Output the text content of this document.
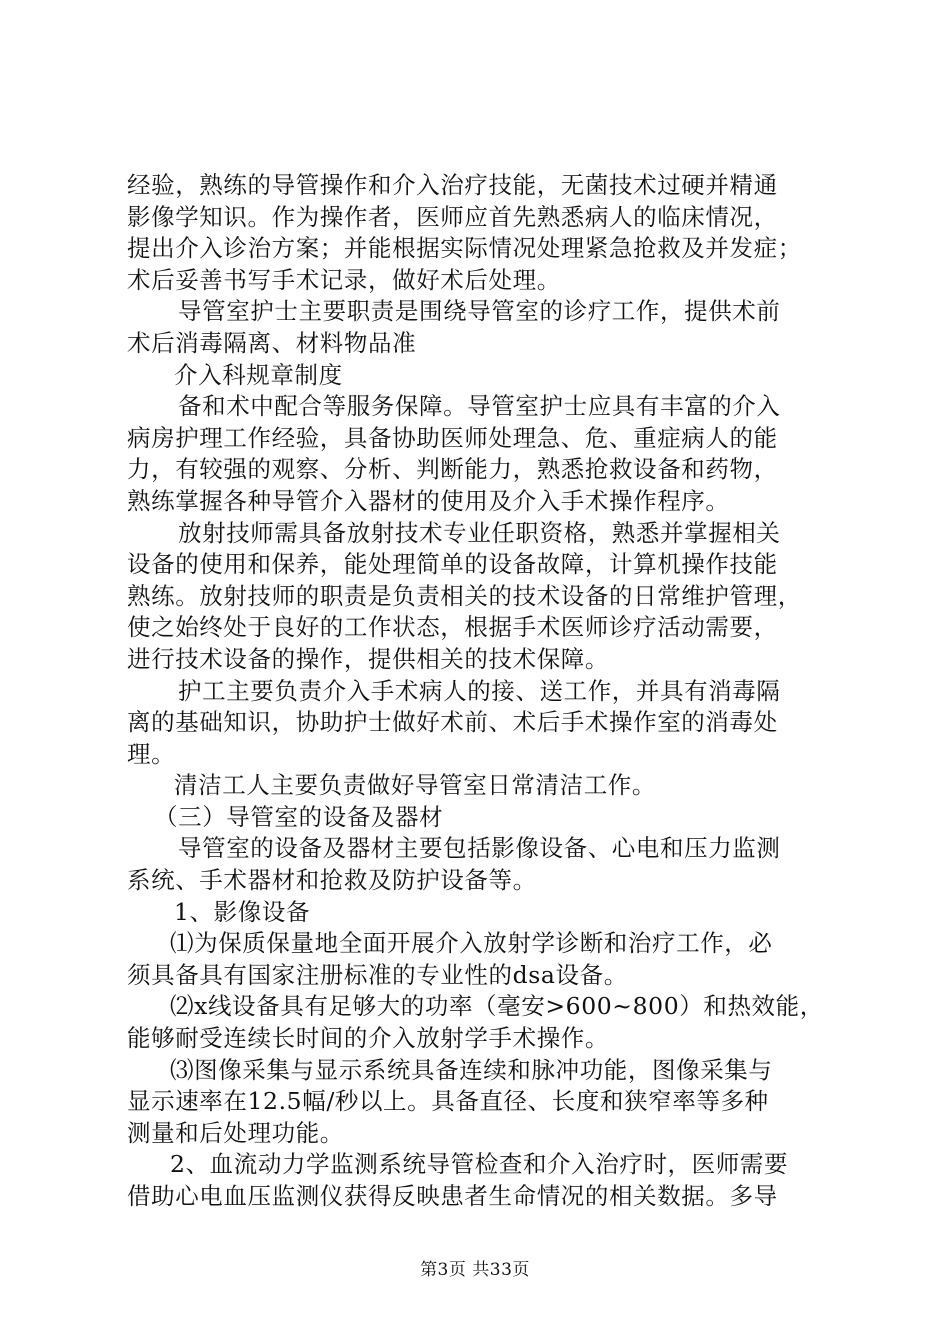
经验，熟练的导管操作和介入治疗技能，无菌技术过硬并精通
影像学知识。作为操作者，医师应首先熟悉病人的临床情况，
提出介入诊治方案；并能根据实际情况处理紧急抢救及并发症；
术后妥善书写手术记录，做好术后处理。
导管室护士主要职责是围绕导管室的诊疗工作，提供术前
术后消毒隔离、材料物品准
介入科规章制度
备和术中配合等服务保障。导管室护士应具有丰富的介入
病房护理工作经验，具备协助医师处理急、危、重症病人的能
力，有较强的观察、分析、判断能力，熟悉抢救设备和药物，
熟练掌握各种导管介入器材的使用及介入手术操作程序。
放射技师需具备放射技术专业任职资格，熟悉并掌握相关
设备的使用和保养，能处理简单的设备故障，计算机操作技能
熟练。放射技师的职责是负责相关的技术设备的日常维护管理，
使之始终处于良好的工作状态，根据手术医师诊疗活动需要，
进行技术设备的操作，提供相关的技术保障。
护工主要负责介入手术病人的接、送工作，并具有消毒隔
离的基础知识，协助护士做好术前、术后手术操作室的消毒处
理。
清洁工人主要负责做好导管室日常清洁工作。
（三）导管室的设备及器材
导管室的设备及器材主要包括影像设备、心电和压力监测
系统、手术器材和抢救及防护设备等。
1、影像设备
⑴为保质保量地全面开展介入放射学诊断和治疗工作，必
须具备具有国家注册标准的专业性的dsa设备。
⑵x线设备具有足够大的功率（毫安>600~800）和热效能，
能够耐受连续长时间的介入放射学手术操作。
⑶图像采集与显示系统具备连续和脉冲功能，图像采集与
显示速率在12.5幅/秒以上。具备直径、长度和狭窄率等多种
测量和后处理功能。
2、血流动力学监测系统导管检查和介入治疗时，医师需要
借助心电血压监测仪获得反映患者生命情况的相关数据。多导
第3页 共33页
